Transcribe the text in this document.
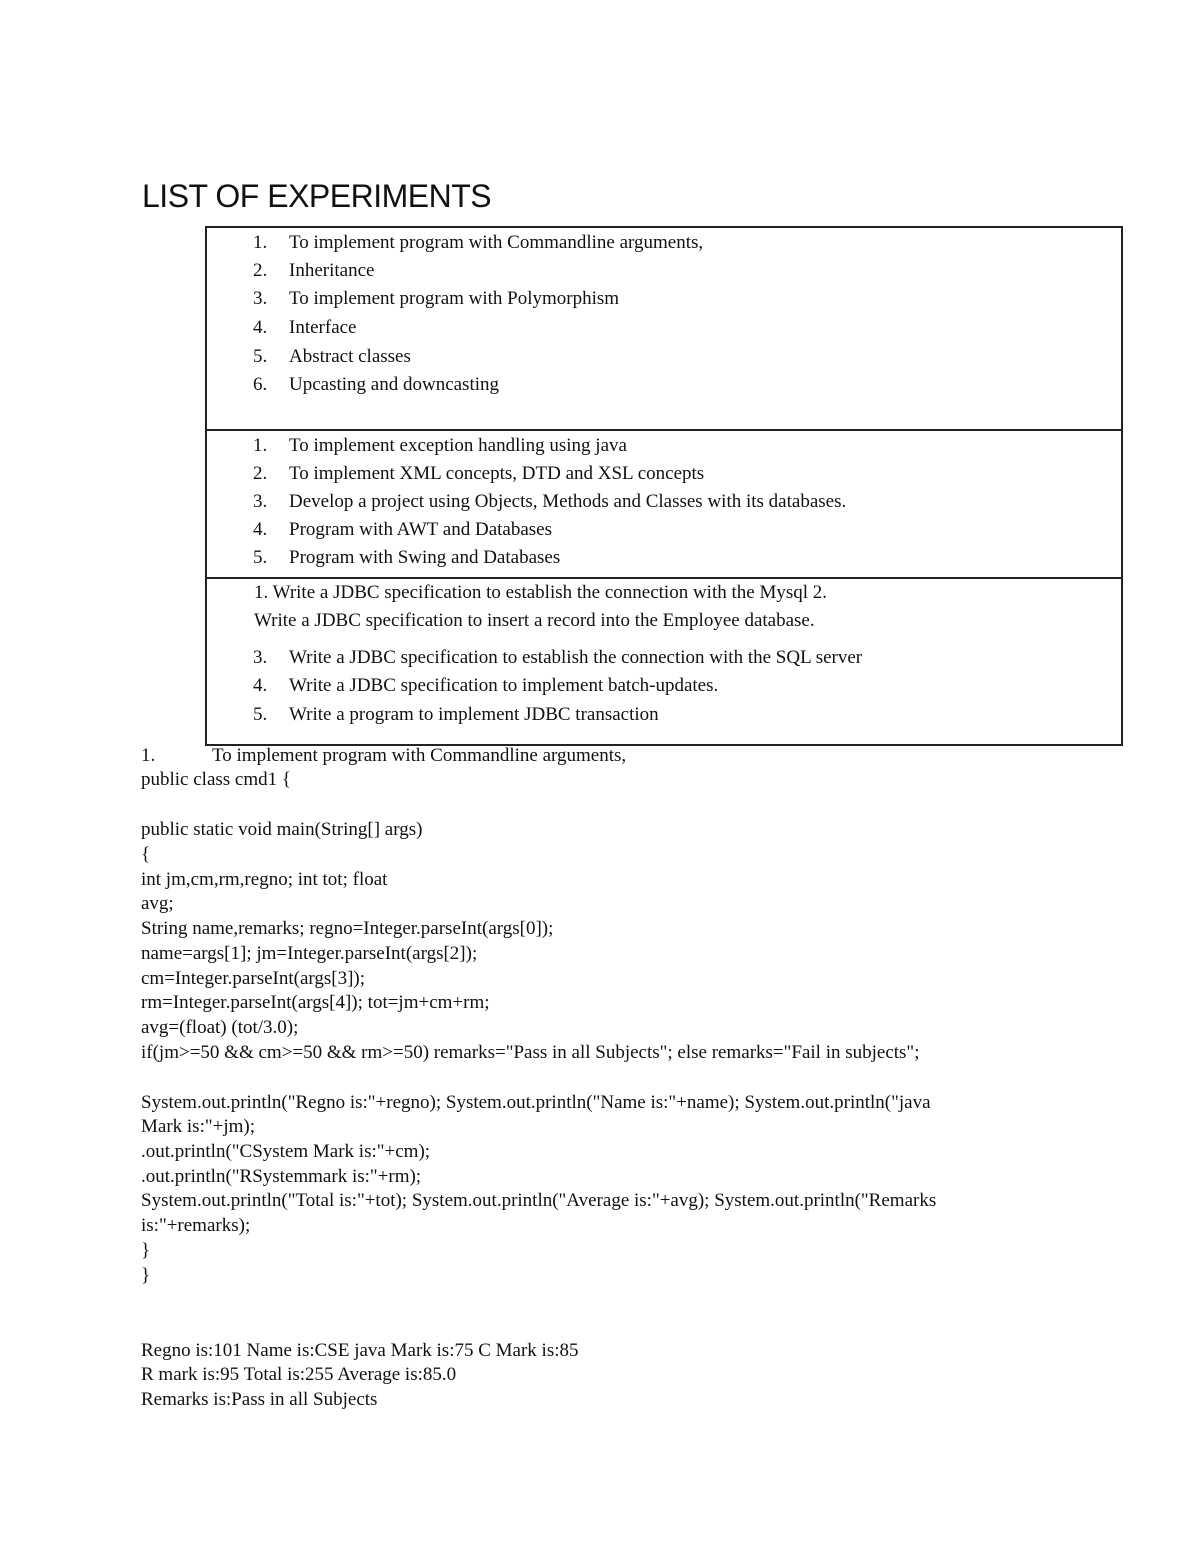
LIST OF EXPERIMENTS
1.	To implement program with Commandline arguments,
2.	Inheritance
3.	To implement program with Polymorphism
4.	Interface
5.	Abstract classes
6.	Upcasting and downcasting
1.	To implement exception handling using java
2.	To implement XML concepts, DTD and XSL concepts
3.	Develop a project using Objects, Methods and Classes with its databases.
4.	Program with AWT and Databases
5.	Program with Swing and Databases
1. Write a JDBC specification to establish the connection with the Mysql 2.
Write a JDBC specification to insert a record into the Employee database.
3.	Write a JDBC specification to establish the connection with the SQL server
4.	Write a JDBC specification to implement batch-updates.
5.	Write a program to implement JDBC transaction
1.	To implement program with Commandline arguments,
public class cmd1 {
public static void main(String[] args)
{
int jm,cm,rm,regno; int tot; float
avg;
String name,remarks; regno=Integer.parseInt(args[0]);
name=args[1]; jm=Integer.parseInt(args[2]);
cm=Integer.parseInt(args[3]);
rm=Integer.parseInt(args[4]); tot=jm+cm+rm;
avg=(float) (tot/3.0);
if(jm>=50 && cm>=50 && rm>=50) remarks="Pass in all Subjects"; else remarks="Fail in subjects";
System.out.println("Regno is:"+regno); System.out.println("Name is:"+name); System.out.println("java
Mark is:"+jm);
.out.println("CSystem Mark is:"+cm);
.out.println("RSystemmark is:"+rm);
System.out.println("Total is:"+tot); System.out.println("Average is:"+avg); System.out.println("Remarks
is:"+remarks);
}
}
Regno is:101 Name is:CSE java Mark is:75 C Mark is:85
R mark is:95 Total is:255 Average is:85.0
Remarks is:Pass in all Subjects
